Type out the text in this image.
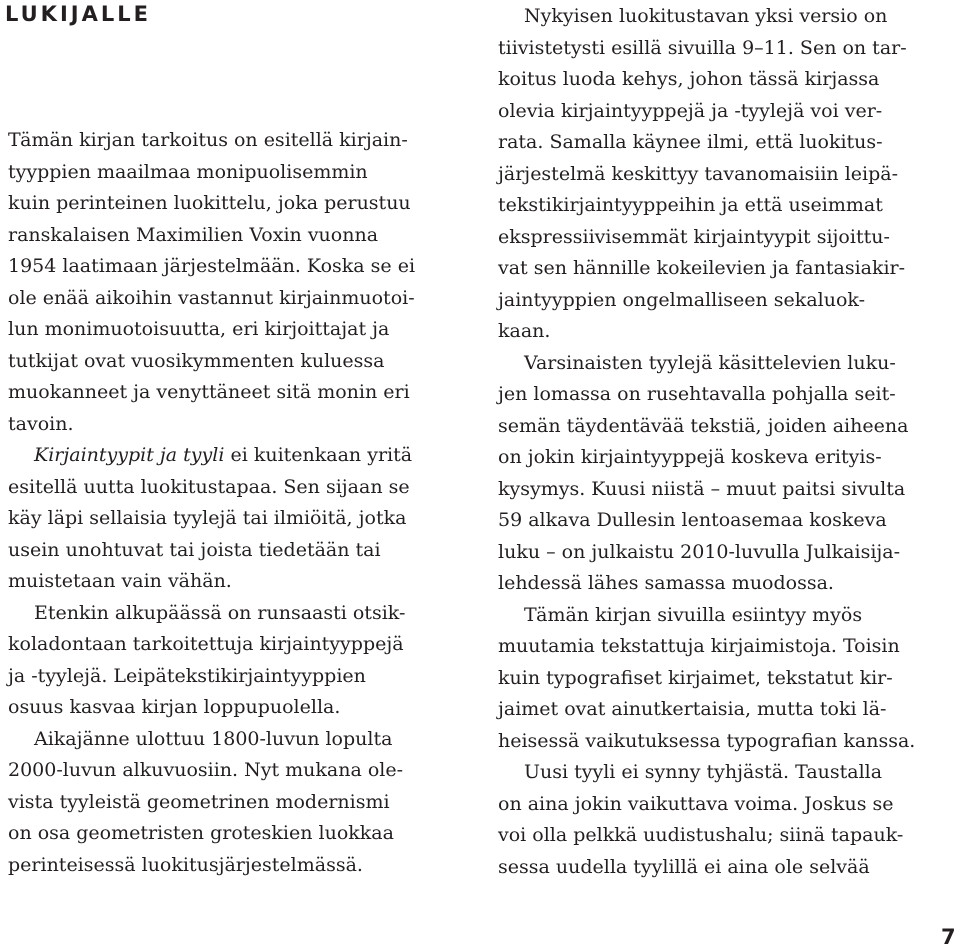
LUKIJALLE
Tämän kirjan tarkoitus on esitellä kirjain-
tyyppien maailmaa monipuolisemmin
kuin perinteinen luokittelu, joka perustuu
ranskalaisen Maximilien Voxin vuonna
1954 laatimaan järjestelmään. Koska se ei
ole enää aikoihin vastannut kirjainmuotoi-
lun monimuotoisuutta, eri kirjoittajat ja
tutkijat ovat vuosikymmenten kuluessa
muokanneet ja venyttäneet sitä monin eri
tavoin.
Kirjaintyypit ja tyyli ei kuitenkaan yritä
esitellä uutta luokitustapaa. Sen sijaan se
käy läpi sellaisia tyylejä tai ilmiöitä, jotka
usein unohtuvat tai joista tiedetään tai
muistetaan vain vähän.
Etenkin alkupäässä on runsaasti otsik-
koladontaan tarkoitettuja kirjaintyyppejä
ja -tyylejä. Leipätekstikirjaintyyppien
osuus kasvaa kirjan loppupuolella.
Aikajänne ulottuu 1800-luvun lopulta
2000-luvun alkuvuosiin. Nyt mukana ole-
vista tyyleistä geometrinen modernismi
on osa geometristen groteskien luokkaa
perinteisessä luokitusjärjestelmässä.
Nykyisen luokitustavan yksi versio on
tiivistetysti esillä sivuilla 9–11. Sen on tar-
koitus luoda kehys, johon tässä kirjassa
olevia kirjaintyyppejä ja -tyylejä voi ver-
rata. Samalla käynee ilmi, että luokitus-
järjestelmä keskittyy tavanomaisiin leipä-
tekstikirjaintyyppeihin ja että useimmat
ekspressiivisemmät kirjaintyypit sijoittu-
vat sen hännille kokeilevien ja fantasiakir-
jaintyyppien ongelmalliseen sekaluok-
kaan.
Varsinaisten tyylejä käsittelevien luku-
jen lomassa on rusehtavalla pohjalla seit-
semän täydentävää tekstiä, joiden aiheena
on jokin kirjaintyyppejä koskeva erityis-
kysymys. Kuusi niistä – muut paitsi sivulta
59 alkava Dullesin lentoasemaa koskeva
luku – on julkaistu 2010-luvulla Julkaisija-
lehdessä lähes samassa muodossa.
Tämän kirjan sivuilla esiintyy myös
muutamia tekstattuja kirjaimistoja. Toisin
kuin typografiset kirjaimet, tekstatut kir-
jaimet ovat ainutkertaisia, mutta toki lä-
heisessä vaikutuksessa typografian kanssa.
Uusi tyyli ei synny tyhjästä. Taustalla
on aina jokin vaikuttava voima. Joskus se
voi olla pelkkä uudistushalu; siinä tapauk-
sessa uudella tyylillä ei aina ole selvää
7
